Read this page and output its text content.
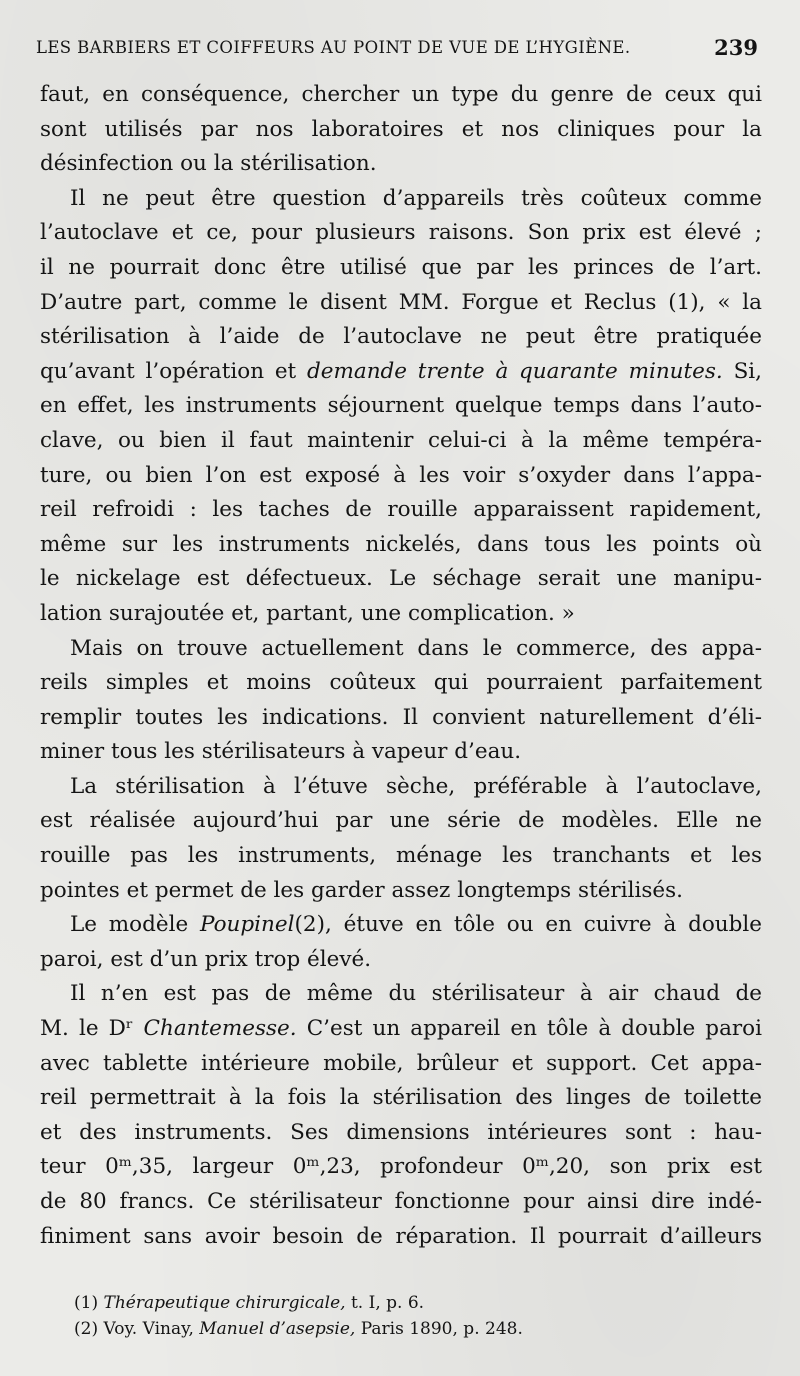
LES BARBIERS ET COIFFEURS AU POINT DE VUE DE L’HYGIÈNE.	239
faut, en conséquence, chercher un type du genre de ceux qui
sont utilisés par nos laboratoires et nos cliniques pour la
désinfection ou la stérilisation.
Il ne peut être question d’appareils très coûteux comme
l’autoclave et ce, pour plusieurs raisons. Son prix est élevé ;
il ne pourrait donc être utilisé que par les princes de l’art.
D’autre part, comme le disent MM. Forgue et Reclus (1), « la
stérilisation à l’aide de l’autoclave ne peut être pratiquée
qu’avant l’opération et demande trente à quarante minutes. Si,
en effet, les instruments séjournent quelque temps dans l’auto-
clave, ou bien il faut maintenir celui-ci à la même tempéra-
ture, ou bien l’on est exposé à les voir s’oxyder dans l’appa-
reil refroidi : les taches de rouille apparaissent rapidement,
même sur les instruments nickelés, dans tous les points où
le nickelage est défectueux. Le séchage serait une manipu-
lation surajoutée et, partant, une complication. »
Mais on trouve actuellement dans le commerce, des appa-
reils simples et moins coûteux qui pourraient parfaitement
remplir toutes les indications. Il convient naturellement d’éli-
miner tous les stérilisateurs à vapeur d’eau.
La stérilisation à l’étuve sèche, préférable à l’autoclave,
est réalisée aujourd’hui par une série de modèles. Elle ne
rouille pas les instruments, ménage les tranchants et les
pointes et permet de les garder assez longtemps stérilisés.
Le modèle Poupinel(2), étuve en tôle ou en cuivre à double
paroi, est d’un prix trop élevé.
Il n’en est pas de même du stérilisateur à air chaud de
M. le Dʳ Chantemesse. C’est un appareil en tôle à double paroi
avec tablette intérieure mobile, brûleur et support. Cet appa-
reil permettrait à la fois la stérilisation des linges de toilette
et des instruments. Ses dimensions intérieures sont : hau-
teur 0ᵐ,35, largeur 0ᵐ,23, profondeur 0ᵐ,20, son prix est
de 80 francs. Ce stérilisateur fonctionne pour ainsi dire indé-
finiment sans avoir besoin de réparation. Il pourrait d’ailleurs
(1) Thérapeutique chirurgicale, t. I, p. 6.
(2) Voy. Vinay, Manuel d’asepsie, Paris 1890, p. 248.
